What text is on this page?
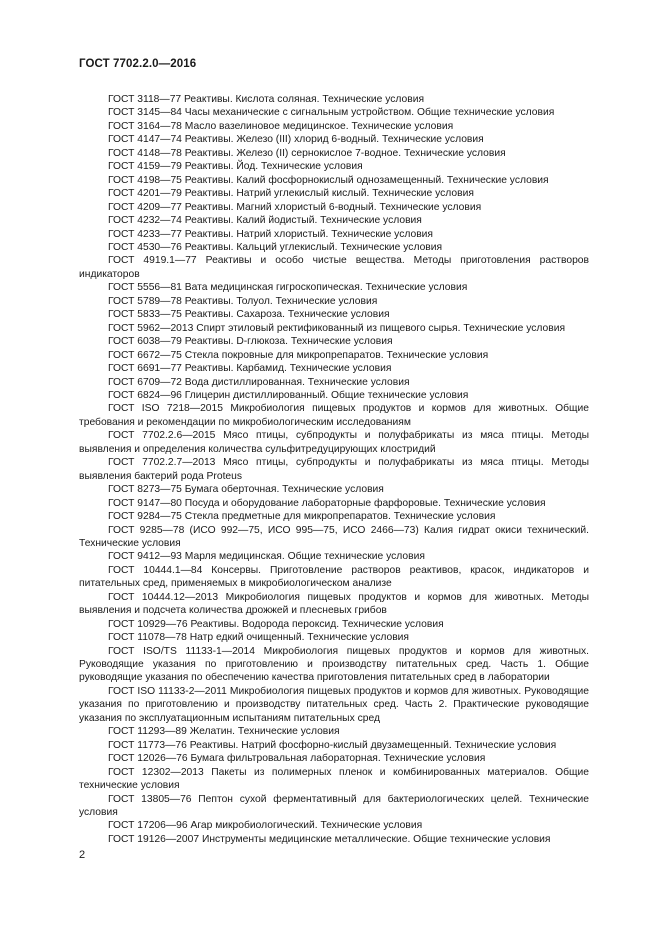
ГОСТ 7702.2.0—2016
ГОСТ 3118—77 Реактивы. Кислота соляная. Технические условия
ГОСТ 3145—84 Часы механические с сигнальным устройством. Общие технические условия
ГОСТ 3164—78 Масло вазелиновое медицинское. Технические условия
ГОСТ 4147—74 Реактивы. Железо (III) хлорид 6-водный. Технические условия
ГОСТ 4148—78 Реактивы. Железо (II) сернокислое 7-водное. Технические условия
ГОСТ 4159—79 Реактивы. Йод. Технические условия
ГОСТ 4198—75 Реактивы. Калий фосфорнокислый однозамещенный. Технические условия
ГОСТ 4201—79 Реактивы. Натрий углекислый кислый. Технические условия
ГОСТ 4209—77 Реактивы. Магний хлористый 6-водный. Технические условия
ГОСТ 4232—74 Реактивы. Калий йодистый. Технические условия
ГОСТ 4233—77 Реактивы. Натрий хлористый. Технические условия
ГОСТ 4530—76 Реактивы. Кальций углекислый. Технические условия
ГОСТ 4919.1—77 Реактивы и особо чистые вещества. Методы приготовления растворов индикаторов
ГОСТ 5556—81 Вата медицинская гигроскопическая. Технические условия
ГОСТ 5789—78 Реактивы. Толуол. Технические условия
ГОСТ 5833—75 Реактивы. Сахароза. Технические условия
ГОСТ 5962—2013 Спирт этиловый ректификованный из пищевого сырья. Технические условия
ГОСТ 6038—79 Реактивы. D-глюкоза. Технические условия
ГОСТ 6672—75 Стекла покровные для микропрепаратов. Технические условия
ГОСТ 6691—77 Реактивы. Карбамид. Технические условия
ГОСТ 6709—72 Вода дистиллированная. Технические условия
ГОСТ 6824—96 Глицерин дистиллированный. Общие технические условия
ГОСТ ISO 7218—2015 Микробиология пищевых продуктов и кормов для животных. Общие требования и рекомендации по микробиологическим исследованиям
ГОСТ 7702.2.6—2015 Мясо птицы, субпродукты и полуфабрикаты из мяса птицы. Методы выявления и определения количества сульфитредуцирующих клостридий
ГОСТ 7702.2.7—2013 Мясо птицы, субпродукты и полуфабрикаты из мяса птицы. Методы выявления бактерий рода Proteus
ГОСТ 8273—75 Бумага оберточная. Технические условия
ГОСТ 9147—80 Посуда и оборудование лабораторные фарфоровые. Технические условия
ГОСТ 9284—75 Стекла предметные для микропрепаратов. Технические условия
ГОСТ 9285—78 (ИСО 992—75, ИСО 995—75, ИСО 2466—73) Калия гидрат окиси технический. Технические условия
ГОСТ 9412—93 Марля медицинская. Общие технические условия
ГОСТ 10444.1—84 Консервы. Приготовление растворов реактивов, красок, индикаторов и питательных сред, применяемых в микробиологическом анализе
ГОСТ 10444.12—2013 Микробиология пищевых продуктов и кормов для животных. Методы выявления и подсчета количества дрожжей и плесневых грибов
ГОСТ 10929—76 Реактивы. Водорода пероксид. Технические условия
ГОСТ 11078—78 Натр едкий очищенный. Технические условия
ГОСТ ISO/TS 11133-1—2014 Микробиология пищевых продуктов и кормов для животных. Руководящие указания по приготовлению и производству питательных сред. Часть 1. Общие руководящие указания по обеспечению качества приготовления питательных сред в лаборатории
ГОСТ ISO 11133-2—2011 Микробиология пищевых продуктов и кормов для животных. Руководящие указания по приготовлению и производству питательных сред. Часть 2. Практические руководящие указания по эксплуатационным испытаниям питательных сред
ГОСТ 11293—89 Желатин. Технические условия
ГОСТ 11773—76 Реактивы. Натрий фосфорно-кислый двузамещенный. Технические условия
ГОСТ 12026—76 Бумага фильтровальная лабораторная. Технические условия
ГОСТ 12302—2013 Пакеты из полимерных пленок и комбинированных материалов. Общие технические условия
ГОСТ 13805—76 Пептон сухой ферментативный для бактериологических целей. Технические условия
ГОСТ 17206—96 Агар микробиологический. Технические условия
ГОСТ 19126—2007 Инструменты медицинские металлические. Общие технические условия
2
